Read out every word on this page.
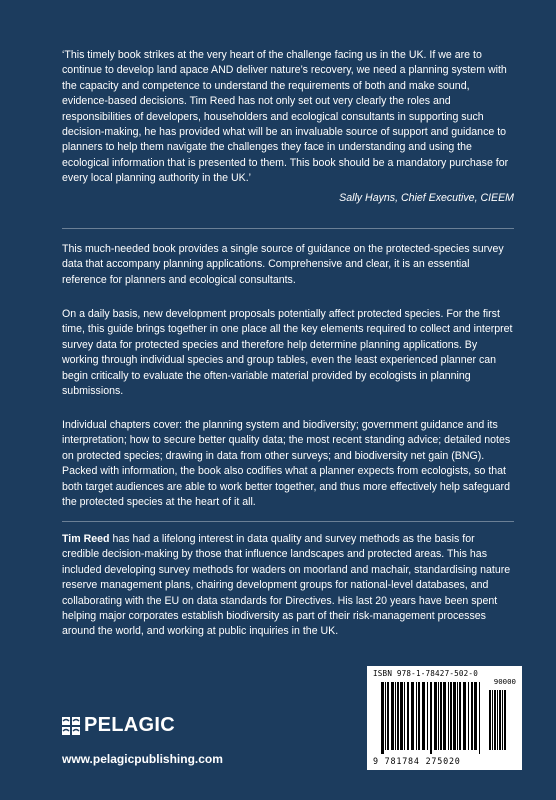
‘This timely book strikes at the very heart of the challenge facing us in the UK. If we are to continue to develop land apace AND deliver nature’s recovery, we need a planning system with the capacity and competence to understand the requirements of both and make sound, evidence-based decisions. Tim Reed has not only set out very clearly the roles and responsibilities of developers, householders and ecological consultants in supporting such decision-making, he has provided what will be an invaluable source of support and guidance to planners to help them navigate the challenges they face in understanding and using the ecological information that is presented to them. This book should be a mandatory purchase for every local planning authority in the UK.’

Sally Hayns, Chief Executive, CIEEM

This much-needed book provides a single source of guidance on the protected-species survey data that accompany planning applications. Comprehensive and clear, it is an essential reference for planners and ecological consultants.

On a daily basis, new development proposals potentially affect protected species. For the first time, this guide brings together in one place all the key elements required to collect and interpret survey data for protected species and therefore help determine planning applications. By working through individual species and group tables, even the least experienced planner can begin critically to evaluate the often-variable material provided by ecologists in planning submissions.

Individual chapters cover: the planning system and biodiversity; government guidance and its interpretation; how to secure better quality data; the most recent standing advice; detailed notes on protected species; drawing in data from other surveys; and biodiversity net gain (BNG). Packed with information, the book also codifies what a planner expects from ecologists, so that both target audiences are able to work better together, and thus more effectively help safeguard the protected species at the heart of it all.

Tim Reed has had a lifelong interest in data quality and survey methods as the basis for credible decision-making by those that influence landscapes and protected areas. This has included developing survey methods for waders on moorland and machair, standardising nature reserve management plans, chairing development groups for national-level databases, and collaborating with the EU on data standards for Directives. His last 20 years have been spent helping major corporates establish biodiversity as part of their risk-management processes around the world, and working at public inquiries in the UK.

PELAGIC
www.pelagicpublishing.com
ISBN 978-1-78427-502-0
9 781784 275020
90000
